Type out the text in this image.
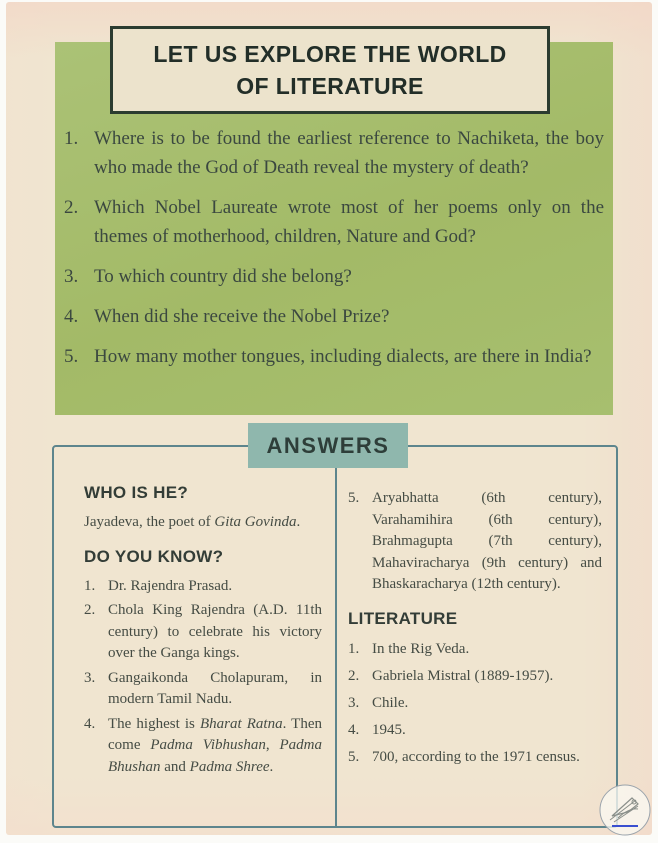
LET US EXPLORE THE WORLD
OF LITERATURE
1. Where is to be found the earliest reference to Nachiketa, the boy who made the God of Death reveal the mystery of death?
2. Which Nobel Laureate wrote most of her poems only on the themes of motherhood, children, Nature and God?
3. To which country did she belong?
4. When did she receive the Nobel Prize?
5. How many mother tongues, including dialects, are there in India?
ANSWERS
WHO IS HE?

Jayadeva, the poet of Gita Govinda.

DO YOU KNOW?
1. Dr. Rajendra Prasad.
2. Chola King Rajendra (A.D. 11th century) to celebrate his victory over the Ganga kings.
3. Gangaikonda Cholapuram, in modern Tamil Nadu.
4. The highest is Bharat Ratna. Then come Padma Vibhushan, Padma Bhushan and Padma Shree.
5. Aryabhatta (6th century), Varahamihira (6th century), Brahmagupta (7th century), Mahaviracharya (9th century) and Bhaskaracharya (12th century).
LITERATURE
1. In the Rig Veda.
2. Gabriela Mistral (1889-1957).
3. Chile.
4. 1945.
5. 700, according to the 1971 census.
